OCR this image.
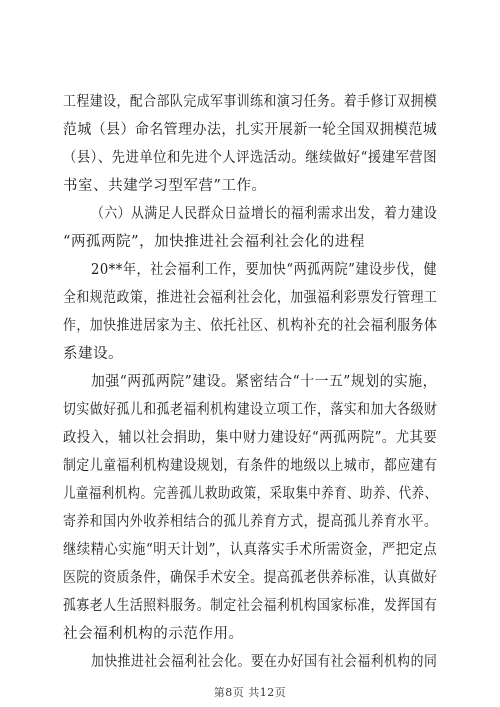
工程建设，配合部队完成军事训练和演习任务。着手修订双拥模
范城（县）命名管理办法，扎实开展新一轮全国双拥模范城
（县）、先进单位和先进个人评选活动。继续做好“援建军营图
书室、共建学习型军营”工作。
（六）从满足人民群众日益增长的福利需求出发，着力建设
“两孤两院”，加快推进社会福利社会化的进程
20**年，社会福利工作，要加快“两孤两院”建设步伐，健
全和规范政策，推进社会福利社会化，加强福利彩票发行管理工
作，加快推进居家为主、依托社区、机构补充的社会福利服务体
系建设。
加强“两孤两院”建设。紧密结合“十一五”规划的实施，
切实做好孤儿和孤老福利机构建设立项工作，落实和加大各级财
政投入，辅以社会捐助，集中财力建设好“两孤两院”。尤其要
制定儿童福利机构建设规划，有条件的地级以上城市，都应建有
儿童福利机构。完善孤儿救助政策，采取集中养育、助养、代养、
寄养和国内外收养相结合的孤儿养育方式，提高孤儿养育水平。
继续精心实施“明天计划”，认真落实手术所需资金，严把定点
医院的资质条件，确保手术安全。提高孤老供养标准，认真做好
孤寡老人生活照料服务。制定社会福利机构国家标准，发挥国有
社会福利机构的示范作用。
加快推进社会福利社会化。要在办好国有社会福利机构的同
第8页 共12页
